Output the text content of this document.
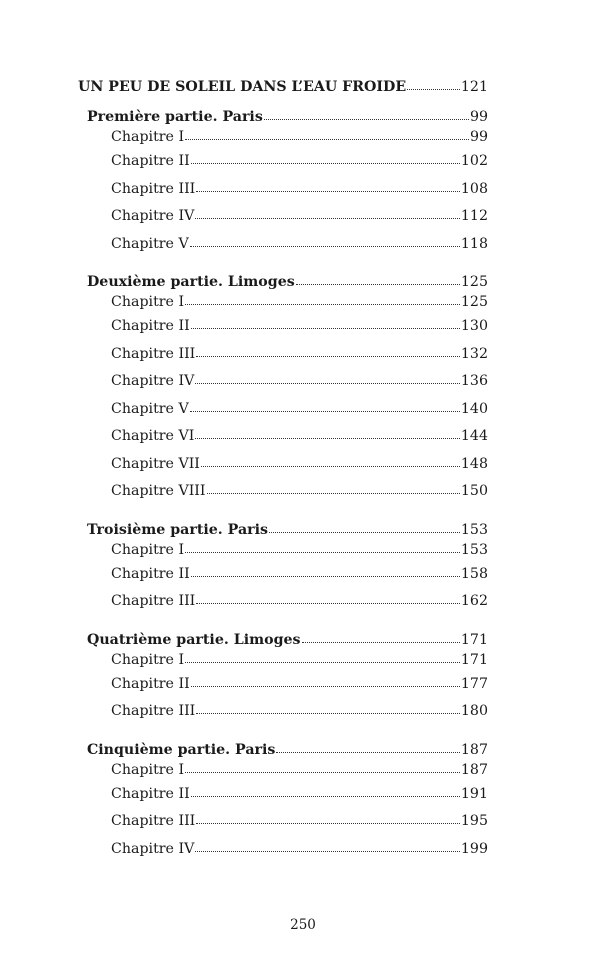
UN PEU DE SOLEIL DANS L’EAU FROIDE	121
Première partie. Paris	99
Chapitre I	99
Chapitre II	102
Chapitre III	108
Chapitre IV	112
Chapitre V	118
Deuxième partie. Limoges	125
Chapitre I	125
Chapitre II	130
Chapitre III	132
Chapitre IV	136
Chapitre V	140
Chapitre VI	144
Chapitre VII	148
Chapitre VIII	150
Troisième partie. Paris	153
Chapitre I	153
Chapitre II	158
Chapitre III	162
Quatrième partie. Limoges	171
Chapitre I	171
Chapitre II	177
Chapitre III	180
Cinquième partie. Paris	187
Chapitre I	187
Chapitre II	191
Chapitre III	195
Chapitre IV	199
250
